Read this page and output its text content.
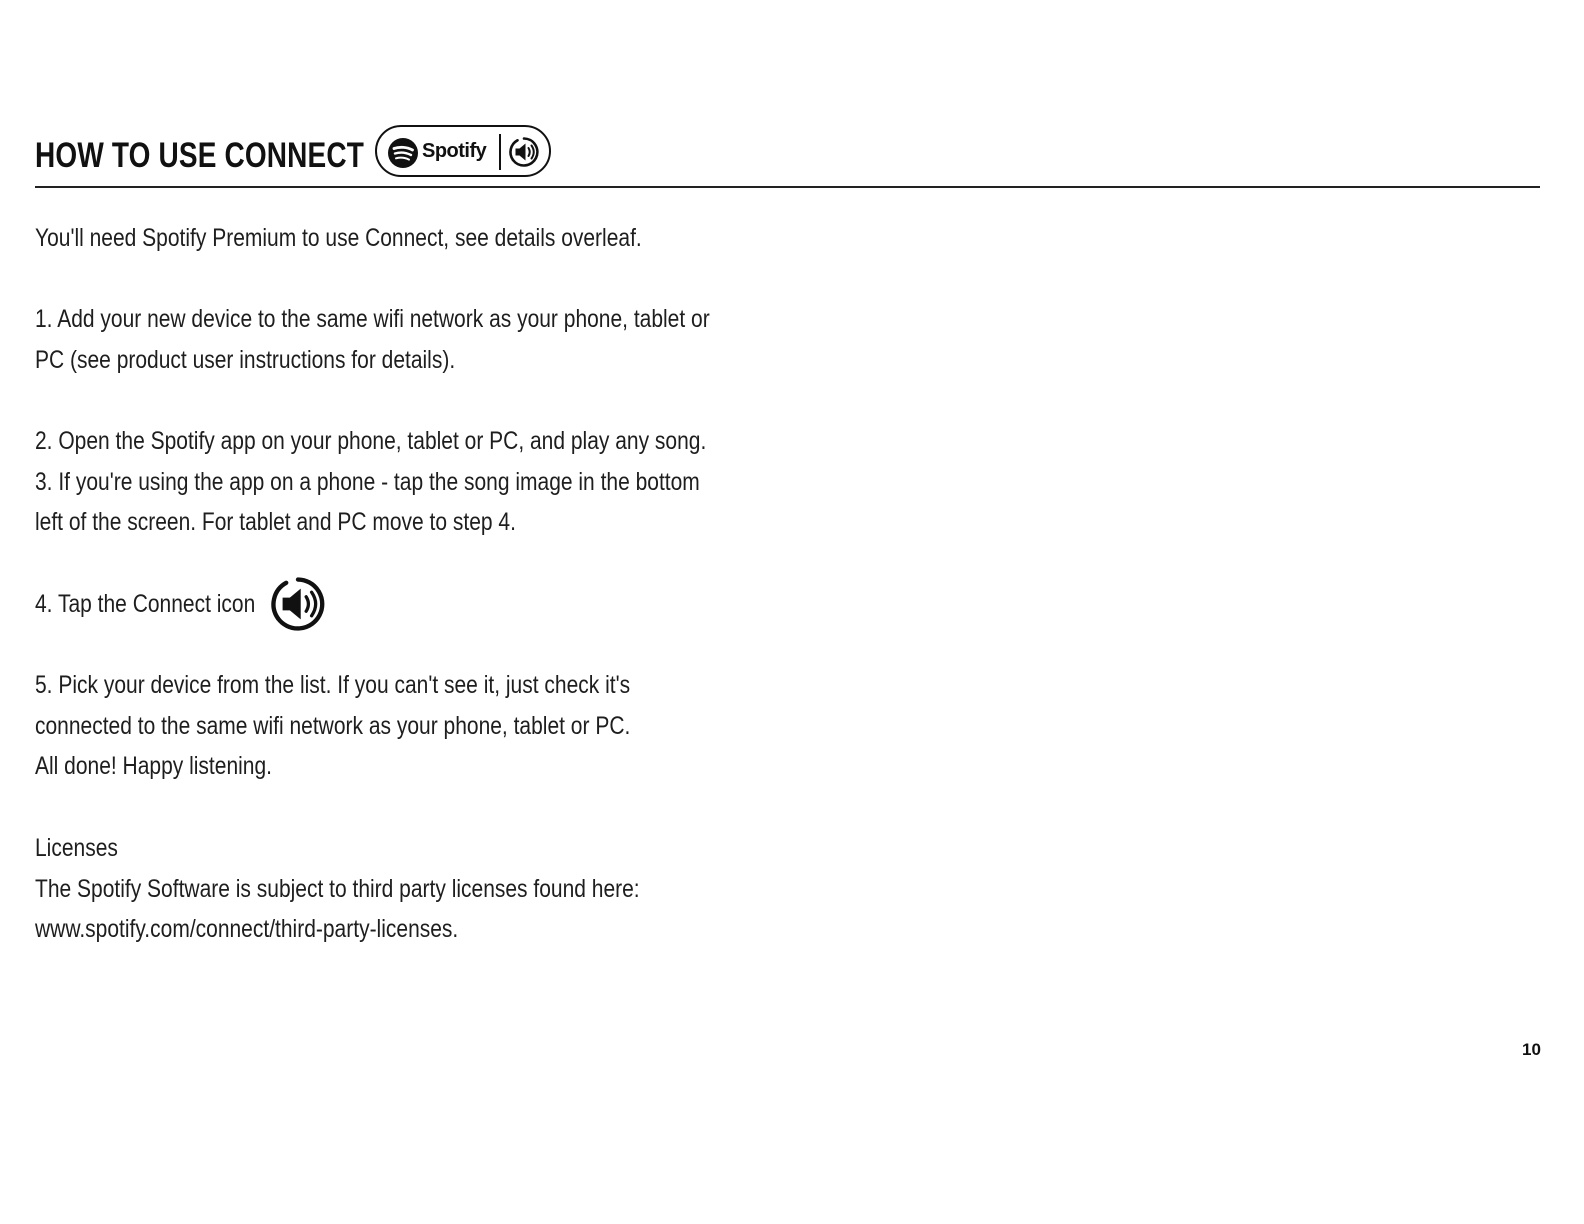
HOW TO USE CONNECT	Spotify
You'll need Spotify Premium to use Connect, see details overleaf.
1. Add your new device to the same wifi network as your phone, tablet or
PC (see product user instructions for details).
2. Open the Spotify app on your phone, tablet or PC, and play any song.
3. If you're using the app on a phone - tap the song image in the bottom
left of the screen. For tablet and PC move to step 4.
4. Tap the Connect icon
5. Pick your device from the list. If you can't see it, just check it's
connected to the same wifi network as your phone, tablet or PC.
All done! Happy listening.
Licenses
The Spotify Software is subject to third party licenses found here:
www.spotify.com/connect/third-party-licenses.
10
